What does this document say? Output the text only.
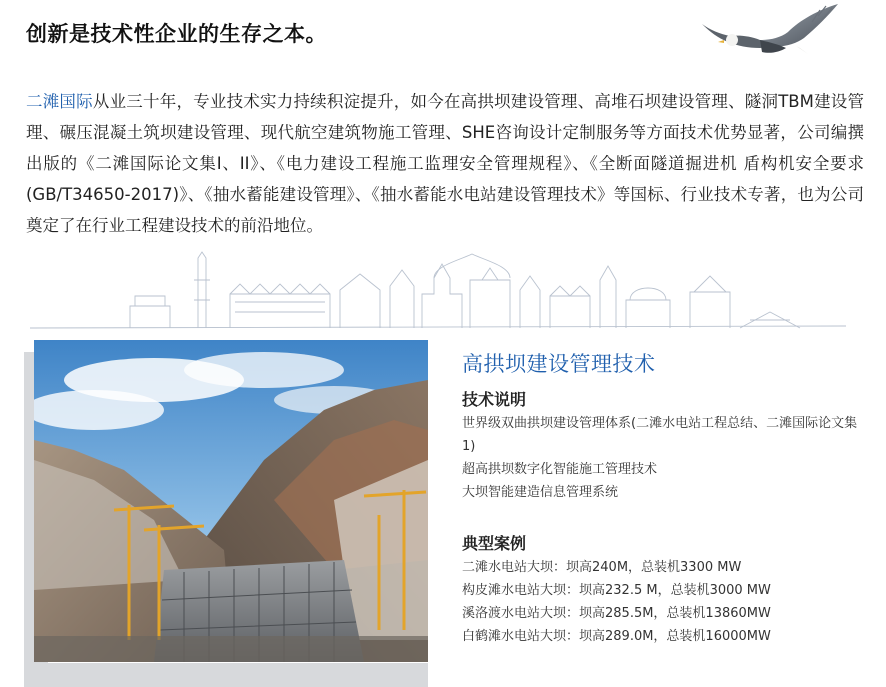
创新是技术性企业的生存之本。

二滩国际从业三十年，专业技术实力持续积淀提升，如今在高拱坝建设管理、高堆石坝建设管理、隧洞TBM建设管理、碾压混凝土筑坝建设管理、现代航空建筑物施工管理、SHE咨询设计定制服务等方面技术优势显著，公司编撰出版的《二滩国际论文集I、II》、《电力建设工程施工监理安全管理规程》、《全断面隧道掘进机 盾构机安全要求(GB/T34650-2017)》、《抽水蓄能建设管理》、《抽水蓄能水电站建设管理技术》等国标、行业技术专著，也为公司奠定了在行业工程建设技术的前沿地位。

高拱坝建设管理技术
技术说明
世界级双曲拱坝建设管理体系(二滩水电站工程总结、二滩国际论文集1)
超高拱坝数字化智能施工管理技术
大坝智能建造信息管理系统
典型案例
二滩水电站大坝：坝高240M，总装机3300 MW
构皮滩水电站大坝：坝高232.5 M，总装机3000 MW
溪洛渡水电站大坝：坝高285.5M，总装机13860MW
白鹤滩水电站大坝：坝高289.0M，总装机16000MW
